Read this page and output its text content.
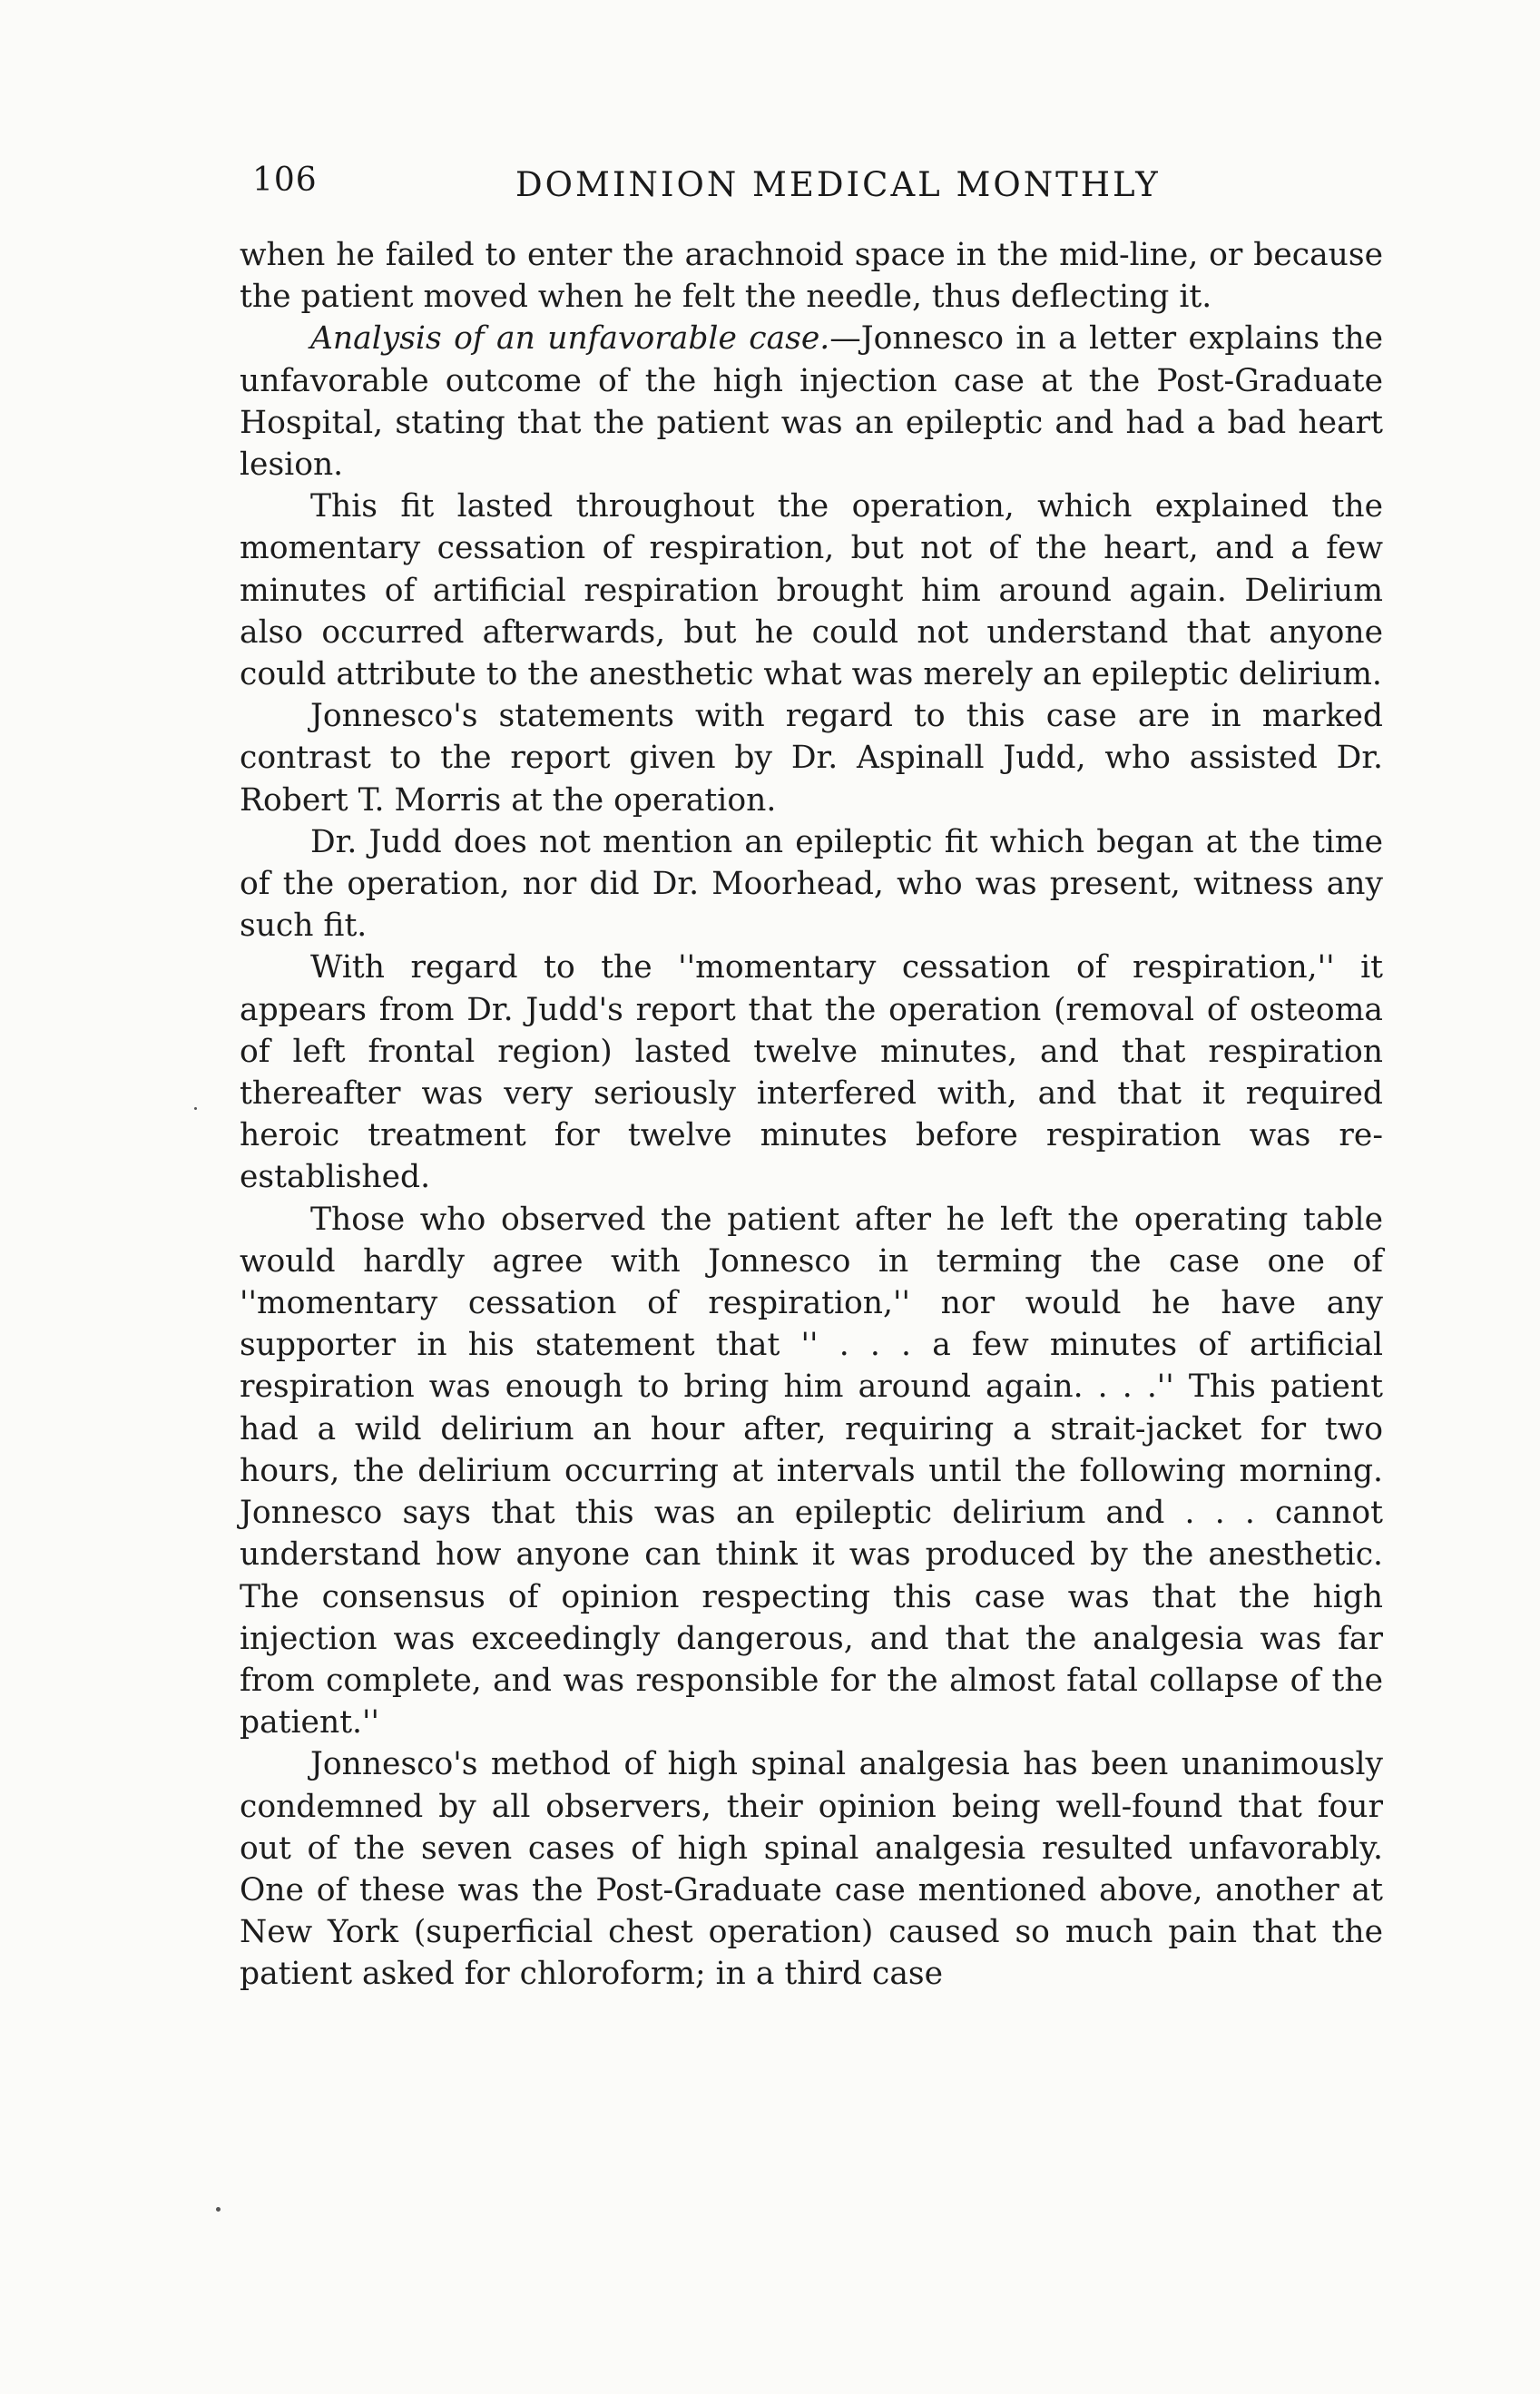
106	DOMINION MEDICAL MONTHLY

when he failed to enter the arachnoid space in the mid-line, or because the patient moved when he felt the needle, thus deflecting it.

Analysis of an unfavorable case.—Jonnesco in a letter explains the unfavorable outcome of the high injection case at the Post-Graduate Hospital, stating that the patient was an epileptic and had a bad heart lesion.

This fit lasted throughout the operation, which explained the momentary cessation of respiration, but not of the heart, and a few minutes of artificial respiration brought him around again. Delirium also occurred afterwards, but he could not understand that anyone could attribute to the anesthetic what was merely an epileptic delirium.

Jonnesco's statements with regard to this case are in marked contrast to the report given by Dr. Aspinall Judd, who assisted Dr. Robert T. Morris at the operation.

Dr. Judd does not mention an epileptic fit which began at the time of the operation, nor did Dr. Moorhead, who was present, witness any such fit.

With regard to the ''momentary cessation of respiration,'' it appears from Dr. Judd's report that the operation (removal of osteoma of left frontal region) lasted twelve minutes, and that respiration thereafter was very seriously interfered with, and that it required heroic treatment for twelve minutes before respiration was re-established.

Those who observed the patient after he left the operating table would hardly agree with Jonnesco in terming the case one of ''momentary cessation of respiration,'' nor would he have any supporter in his statement that '' . . . a few minutes of artificial respiration was enough to bring him around again. . . .'' This patient had a wild delirium an hour after, requiring a strait-jacket for two hours, the delirium occurring at intervals until the following morning. Jonnesco says that this was an epileptic delirium and . . . cannot understand how anyone can think it was produced by the anesthetic. The consensus of opinion respecting this case was that the high injection was exceedingly dangerous, and that the analgesia was far from complete, and was responsible for the almost fatal collapse of the patient.''

Jonnesco's method of high spinal analgesia has been unanimously condemned by all observers, their opinion being well-found that four out of the seven cases of high spinal analgesia resulted unfavorably. One of these was the Post-Graduate case mentioned above, another at New York (superficial chest operation) caused so much pain that the patient asked for chloroform; in a third case
